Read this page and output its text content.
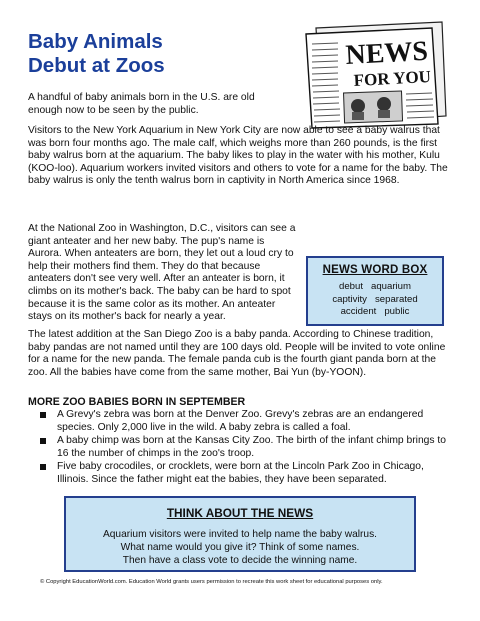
Baby Animals
Debut at Zoos	NEWS
FOR YOU

A handful of baby animals born in the U.S. are old enough now to be seen by the public.

Visitors to the New York Aquarium in New York City are now able to see a baby walrus that was born four months ago. The male calf, which weighs more than 260 pounds, is the first baby walrus born at the aquarium. The baby likes to play in the water with his mother, Kulu (KOO-loo). Aquarium workers invited visitors and others to vote for a name for the baby. The baby walrus is only the tenth walrus born in captivity in North America since 1968.

At the National Zoo in Washington, D.C., visitors can see a giant anteater and her new baby. The pup's name is Aurora. When anteaters are born, they let out a loud cry to help their mothers find them. They do that because anteaters don't see very well. After an anteater is born, it climbs on its mother's back. The baby can be hard to spot because it is the same color as its mother. An anteater stays on its mother's back for nearly a year.

NEWS WORD BOX
debut aquarium
captivity separated
accident public

The latest addition at the San Diego Zoo is a baby panda. According to Chinese tradition, baby pandas are not named until they are 100 days old. People will be invited to vote online for a name for the new panda. The female panda cub is the fourth giant panda born at the zoo. All the babies have come from the same mother, Bai Yun (by-YOON).

MORE ZOO BABIES BORN IN SEPTEMBER
A Grevy's zebra was born at the Denver Zoo. Grevy's zebras are an endangered species. Only 2,000 live in the wild. A baby zebra is called a foal.
A baby chimp was born at the Kansas City Zoo. The birth of the infant chimp brings to 16 the number of chimps in the zoo's troop.
Five baby crocodiles, or crocklets, were born at the Lincoln Park Zoo in Chicago, Illinois. Since the father might eat the babies, they have been separated.
THINK ABOUT THE NEWS
Aquarium visitors were invited to help name the baby walrus.
What name would you give it? Think of some names.
Then have a class vote to decide the winning name.
© Copyright EducationWorld.com. Education World grants users permission to recreate this work sheet for educational purposes only.
